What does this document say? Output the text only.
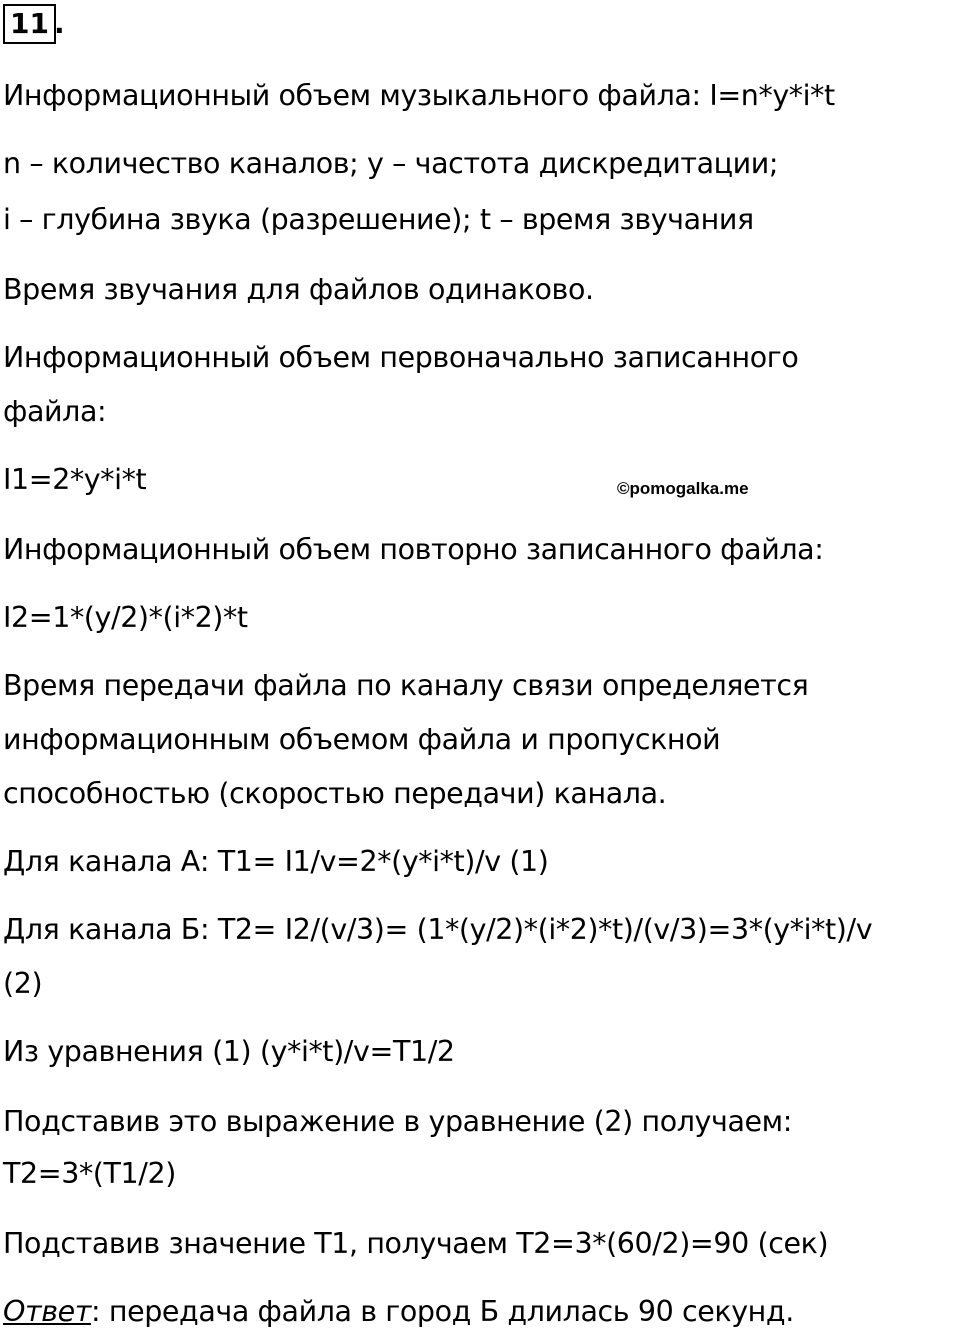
11 .
Информационный объем музыкального файла: I=n*y*i*t
n – количество каналов; y – частота дискредитации;
i – глубина звука (разрешение); t – время звучания
Время звучания для файлов одинаково.
Информационный объем первоначально записанного
файла:
I1=2*y*i*t	©pomogalka.me
Информационный объем повторно записанного файла:
I2=1*(y/2)*(i*2)*t
Время передачи файла по каналу связи определяется
информационным объемом файла и пропускной
способностью (скоростью передачи) канала.
Для канала А: T1= I1/v=2*(y*i*t)/v (1)
Для канала Б: T2= I2/(v/3)= (1*(y/2)*(i*2)*t)/(v/3)=3*(y*i*t)/v
(2)
Из уравнения (1) (y*i*t)/v=T1/2
Подставив это выражение в уравнение (2) получаем:
T2=3*(T1/2)
Подставив значение T1, получаем T2=3*(60/2)=90 (сек)
Ответ: передача файла в город Б длилась 90 секунд.
